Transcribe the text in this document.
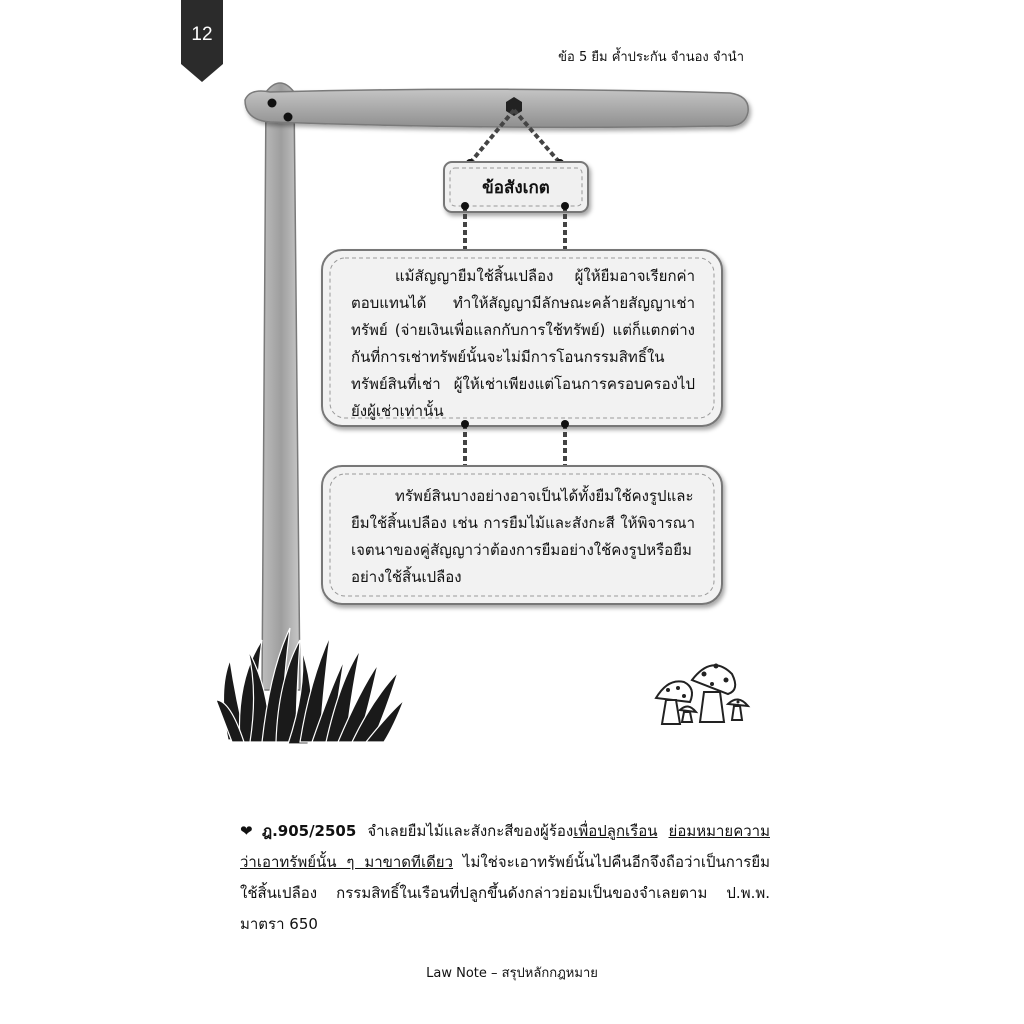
12
ข้อ 5 ยืม ค้ำประกัน จำนอง จำนำ
ข้อสังเกต
แม้สัญญายืมใช้สิ้นเปลือง ผู้ให้ยืมอาจเรียกค่าตอบแทนได้ ทำให้สัญญามีลักษณะคล้ายสัญญาเช่าทรัพย์ (จ่ายเงินเพื่อแลกกับการใช้ทรัพย์) แต่ก็แตกต่างกันที่การเช่าทรัพย์นั้นจะไม่มีการโอนกรรมสิทธิ์ในทรัพย์สินที่เช่า ผู้ให้เช่าเพียงแต่โอนการครอบครองไปยังผู้เช่าเท่านั้น
ทรัพย์สินบางอย่างอาจเป็นได้ทั้งยืมใช้คงรูปและยืมใช้สิ้นเปลือง เช่น การยืมไม้และสังกะสี ให้พิจารณาเจตนาของคู่สัญญาว่าต้องการยืมอย่างใช้คงรูปหรือยืมอย่างใช้สิ้นเปลือง
❤ ฎ.905/2505 จำเลยยืมไม้และสังกะสีของผู้ร้องเพื่อปลูกเรือน ย่อมหมายความว่าเอาทรัพย์นั้น ๆ มาขาดทีเดียว ไม่ใช่จะเอาทรัพย์นั้นไปคืนอีกจึงถือว่าเป็นการยืมใช้สิ้นเปลือง กรรมสิทธิ์ในเรือนที่ปลูกขึ้นดังกล่าวย่อมเป็นของจำเลยตาม ป.พ.พ. มาตรา 650
Law Note – สรุปหลักกฎหมาย
